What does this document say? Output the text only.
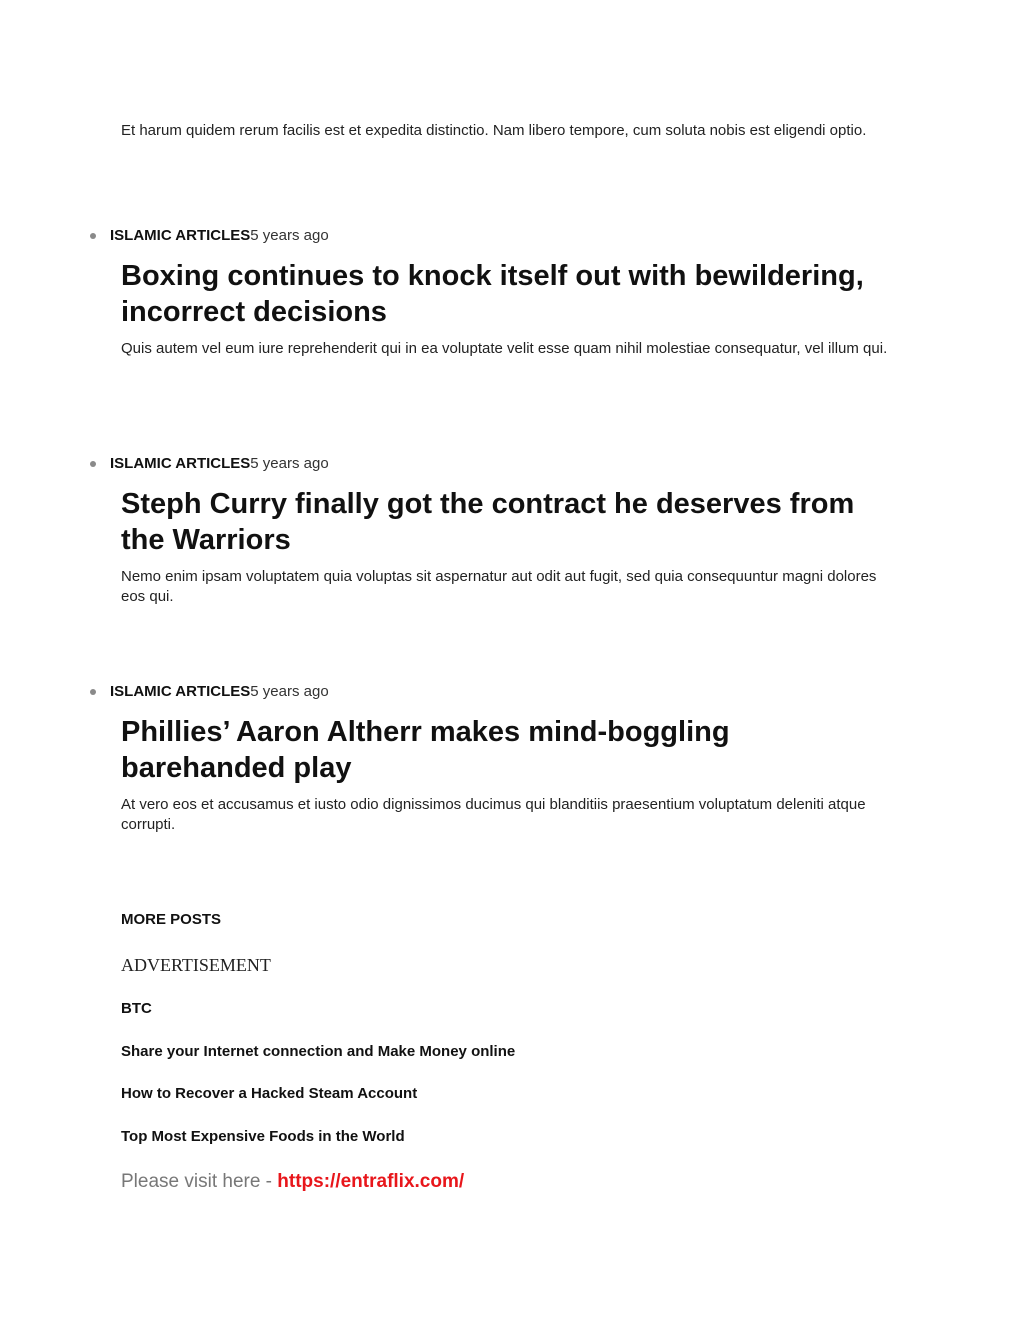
Et harum quidem rerum facilis est et expedita distinctio. Nam libero tempore, cum soluta nobis est eligendi optio.

ISLAMIC ARTICLES 5 years ago
Boxing continues to knock itself out with bewildering, incorrect decisions

Quis autem vel eum iure reprehenderit qui in ea voluptate velit esse quam nihil molestiae consequatur, vel illum qui.

ISLAMIC ARTICLES 5 years ago
Steph Curry finally got the contract he deserves from the Warriors

Nemo enim ipsam voluptatem quia voluptas sit aspernatur aut odit aut fugit, sed quia consequuntur magni dolores eos qui.

ISLAMIC ARTICLES 5 years ago
Phillies’ Aaron Altherr makes mind-boggling barehanded play

At vero eos et accusamus et iusto odio dignissimos ducimus qui blanditiis praesentium voluptatum deleniti atque corrupti.

MORE POSTS

ADVERTISEMENT

BTC

Share your Internet connection and Make Money online

How to Recover a Hacked Steam Account

Top Most Expensive Foods in the World

Please visit here - https://entraflix.com/
